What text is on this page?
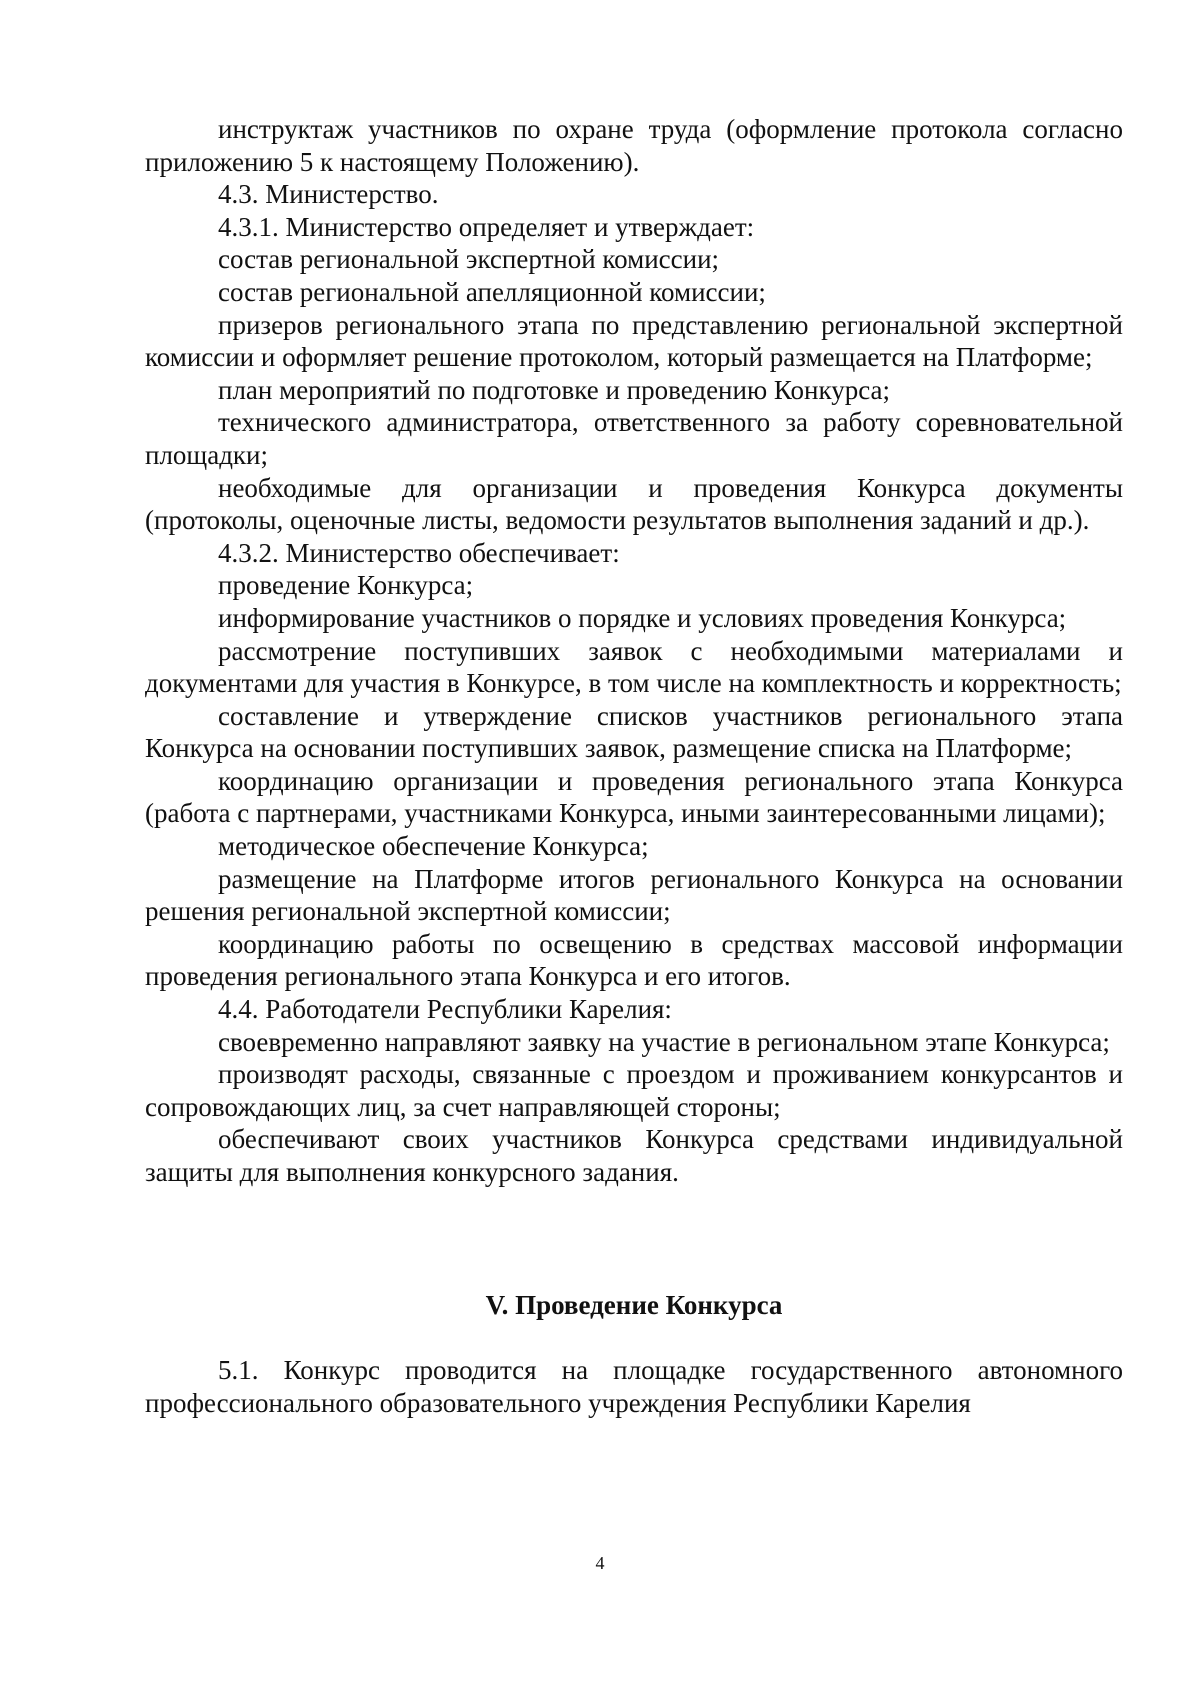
инструктаж участников по охране труда (оформление протокола согласно приложению 5 к настоящему Положению).

4.3. Министерство.

4.3.1. Министерство определяет и утверждает:

состав региональной экспертной комиссии;

состав региональной апелляционной комиссии;

призеров регионального этапа по представлению региональной экспертной комиссии и оформляет решение протоколом, который размещается на Платформе;

план мероприятий по подготовке и проведению Конкурса;

технического администратора, ответственного за работу соревновательной площадки;

необходимые для организации и проведения Конкурса документы (протоколы, оценочные листы, ведомости результатов выполнения заданий и др.).

4.3.2. Министерство обеспечивает:

проведение Конкурса;

информирование участников о порядке и условиях проведения Конкурса;

рассмотрение поступивших заявок с необходимыми материалами и документами для участия в Конкурсе, в том числе на комплектность и корректность;

составление и утверждение списков участников регионального этапа Конкурса на основании поступивших заявок, размещение списка на Платформе;

координацию организации и проведения регионального этапа Конкурса (работа с партнерами, участниками Конкурса, иными заинтересованными лицами);

методическое обеспечение Конкурса;

размещение на Платформе итогов регионального Конкурса на основании решения региональной экспертной комиссии;

координацию работы по освещению в средствах массовой информации проведения регионального этапа Конкурса и его итогов.

4.4. Работодатели Республики Карелия:

своевременно направляют заявку на участие в региональном этапе Конкурса;

производят расходы, связанные с проездом и проживанием конкурсантов и сопровождающих лиц, за счет направляющей стороны;

обеспечивают своих участников Конкурса средствами индивидуальной защиты для выполнения конкурсного задания.

V. Проведение Конкурса

5.1. Конкурс проводится на площадке государственного автономного профессионального образовательного учреждения Республики Карелия

4
